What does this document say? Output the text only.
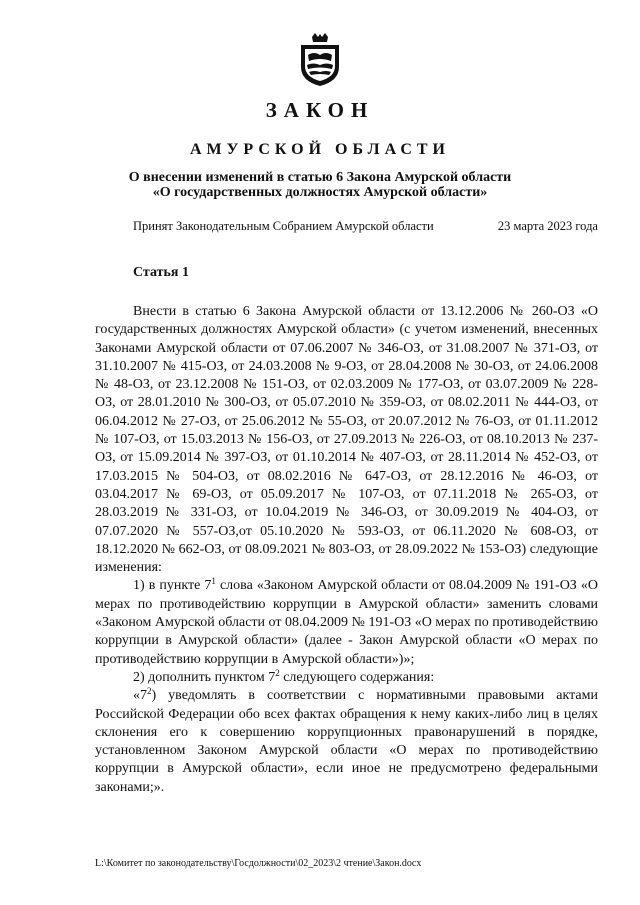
ЗАКОН
АМУРСКОЙ ОБЛАСТИ
О внесении изменений в статью 6 Закона Амурской области
«О государственных должностях Амурской области»
Принят Законодательным Собранием Амурской области	23 марта 2023 года
Статья 1

Внести в статью 6 Закона Амурской области от 13.12.2006 № 260-ОЗ «О государственных должностях Амурской области» (с учетом изменений, внесенных Законами Амурской области от 07.06.2007 № 346-ОЗ, от 31.08.2007 № 371-ОЗ, от 31.10.2007 № 415-ОЗ, от 24.03.2008 № 9-ОЗ, от 28.04.2008 № 30-ОЗ, от 24.06.2008 № 48-ОЗ, от 23.12.2008 № 151-ОЗ, от 02.03.2009 № 177-ОЗ, от 03.07.2009 № 228-ОЗ, от 28.01.2010 № 300-ОЗ, от 05.07.2010 № 359-ОЗ, от 08.02.2011 № 444-ОЗ, от 06.04.2012 № 27-ОЗ, от 25.06.2012 № 55-ОЗ, от 20.07.2012 № 76-ОЗ, от 01.11.2012 № 107-ОЗ, от 15.03.2013 № 156-ОЗ, от 27.09.2013 № 226-ОЗ, от 08.10.2013 № 237-ОЗ, от 15.09.2014 № 397-ОЗ, от 01.10.2014 № 407-ОЗ, от 28.11.2014 № 452-ОЗ, от 17.03.2015 № 504-ОЗ, от 08.02.2016 № 647-ОЗ, от 28.12.2016 № 46-ОЗ, от 03.04.2017 № 69-ОЗ, от 05.09.2017 № 107-ОЗ, от 07.11.2018 № 265-ОЗ, от 28.03.2019 № 331-ОЗ, от 10.04.2019 № 346-ОЗ, от 30.09.2019 № 404-ОЗ, от 07.07.2020 № 557-ОЗ,от 05.10.2020 № 593-ОЗ, от 06.11.2020 № 608-ОЗ, от 18.12.2020 № 662-ОЗ, от 08.09.2021 № 803-ОЗ, от 28.09.2022 № 153-ОЗ) следующие изменения:

1) в пункте $7^1$ слова «Законом Амурской области от 08.04.2009 № 191-ОЗ «О мерах по противодействию коррупции в Амурской области» заменить словами «Законом Амурской области от 08.04.2009 № 191-ОЗ «О мерах по противодействию коррупции в Амурской области» (далее - Закон Амурской области «О мерах по противодействию коррупции в Амурской области»)»;

2) дополнить пунктом $7^2$ следующего содержания:

«$7^2$) уведомлять в соответствии с нормативными правовыми актами Российской Федерации обо всех фактах обращения к нему каких-либо лиц в целях склонения его к совершению коррупционных правонарушений в порядке, установленном Законом Амурской области «О мерах по противодействию коррупции в Амурской области», если иное не предусмотрено федеральными законами;».

L:\Комитет по законодательству\Госдолжности\02_2023\2 чтение\Закон.docx
